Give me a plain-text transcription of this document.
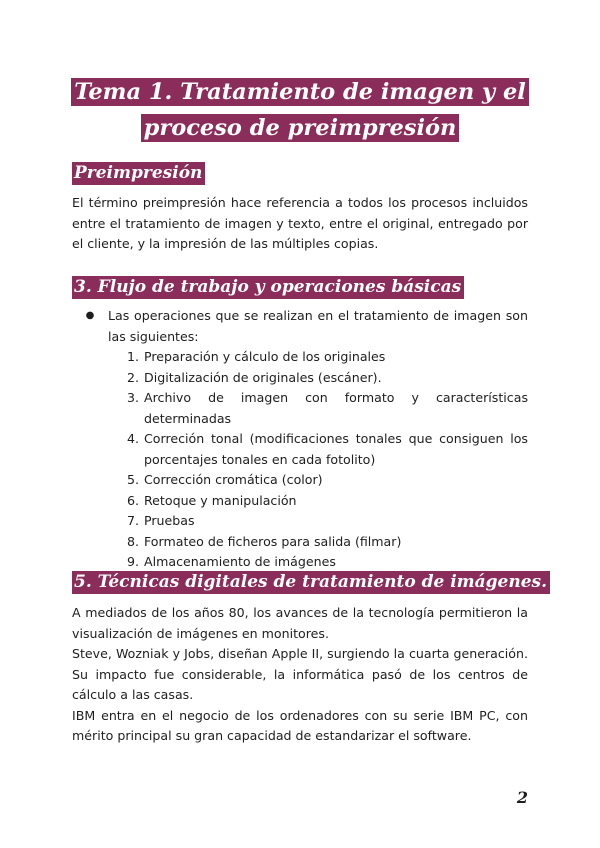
Tema 1. Tratamiento de imagen y el proceso de preimpresión
Preimpresión

El término preimpresión hace referencia a todos los procesos incluidos entre el tratamiento de imagen y texto, entre el original, entregado por el cliente, y la impresión de las múltiples copias.

3. Flujo de trabajo y operaciones básicas
●	Las operaciones que se realizan en el tratamiento de imagen son las siguientes:
1. Preparación y cálculo de los originales
2. Digitalización de originales (escáner).
3. Archivo de imagen con formato y características determinadas
4. Correción tonal (modificaciones tonales que consiguen los porcentajes tonales en cada fotolito)
5. Corrección cromática (color)
6. Retoque y manipulación
7. Pruebas
8. Formateo de ficheros para salida (filmar)
9. Almacenamiento de imágenes
5. Técnicas digitales de tratamiento de imágenes.

A mediados de los años 80, los avances de la tecnología permitieron la visualización de imágenes en monitores.

Steve, Wozniak y Jobs, diseñan Apple II, surgiendo la cuarta generación. Su impacto fue considerable, la informática pasó de los centros de cálculo a las casas.

IBM entra en el negocio de los ordenadores con su serie IBM PC, con mérito principal su gran capacidad de estandarizar el software.

2
